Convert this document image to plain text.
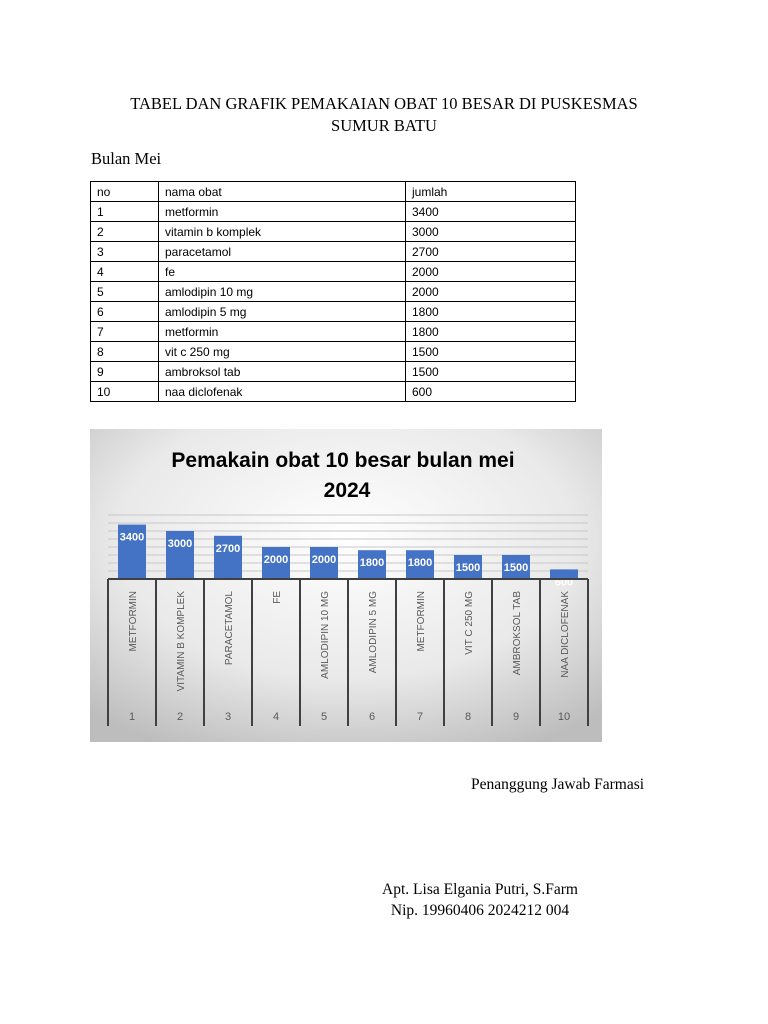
TABEL DAN GRAFIK PEMAKAIAN OBAT 10 BESAR DI PUSKESMAS
SUMUR BATU
Bulan Mei
no	nama obat	jumlah
1	metformin	3400
2	vitamin b komplek	3000
3	paracetamol	2700
4	fe	2000
5	amlodipin 10 mg	2000
6	amlodipin 5 mg	1800
7	metformin	1800
8	vit c 250 mg	1500
9	ambroksol tab	1500
10	naa diclofenak	600
Pemakain obat 10 besar bulan mei
2024
3400
3000 2700
2000 2000 1800 1800 1500 1500
600
METFORMIN
1
VITAMIN B KOMPLEK
2
PARACETAMOL
3
FE
4
AMLODIPIN 10 MG
5
AMLODIPIN 5 MG
6
METFORMIN
7
VIT C 250 MG
8
AMBROKSOL TAB
9
NAA DICLOFENAK
10
Penanggung Jawab Farmasi
Apt. Lisa Elgania Putri, S.Farm
Nip. 19960406 2024212 004
